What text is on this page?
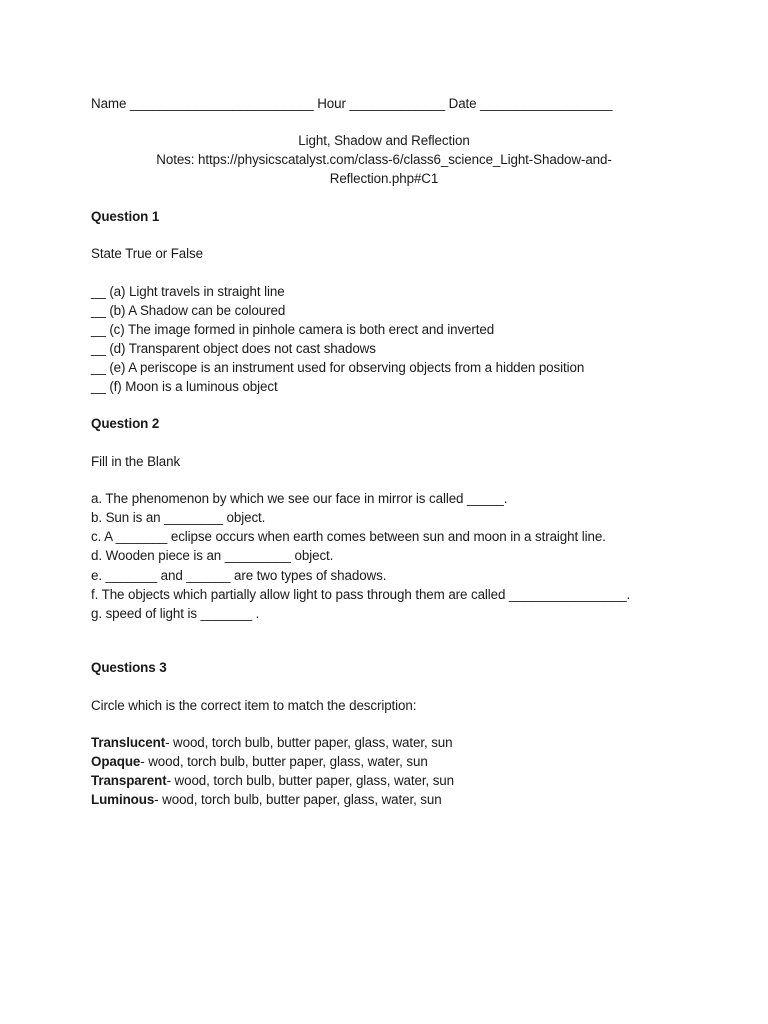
Name _________________________ Hour _____________ Date __________________
Light, Shadow and Reflection
Notes: https://physicscatalyst.com/class-6/class6_science_Light-Shadow-and-
Reflection.php#C1
Question 1
State True or False
__ (a) Light travels in straight line
__ (b) A Shadow can be coloured
__ (c) The image formed in pinhole camera is both erect and inverted
__ (d) Transparent object does not cast shadows
__ (e) A periscope is an instrument used for observing objects from a hidden position
__ (f) Moon is a luminous object
Question 2
Fill in the Blank
a. The phenomenon by which we see our face in mirror is called _____.
b. Sun is an ________ object.
c. A _______ eclipse occurs when earth comes between sun and moon in a straight line.
d. Wooden piece is an _________ object.
e. _______ and ______ are two types of shadows.
f. The objects which partially allow light to pass through them are called ________________.
g. speed of light is _______ .
Questions 3
Circle which is the correct item to match the description:
Translucent- wood, torch bulb, butter paper, glass, water, sun
Opaque- wood, torch bulb, butter paper, glass, water, sun
Transparent- wood, torch bulb, butter paper, glass, water, sun
Luminous- wood, torch bulb, butter paper, glass, water, sun
